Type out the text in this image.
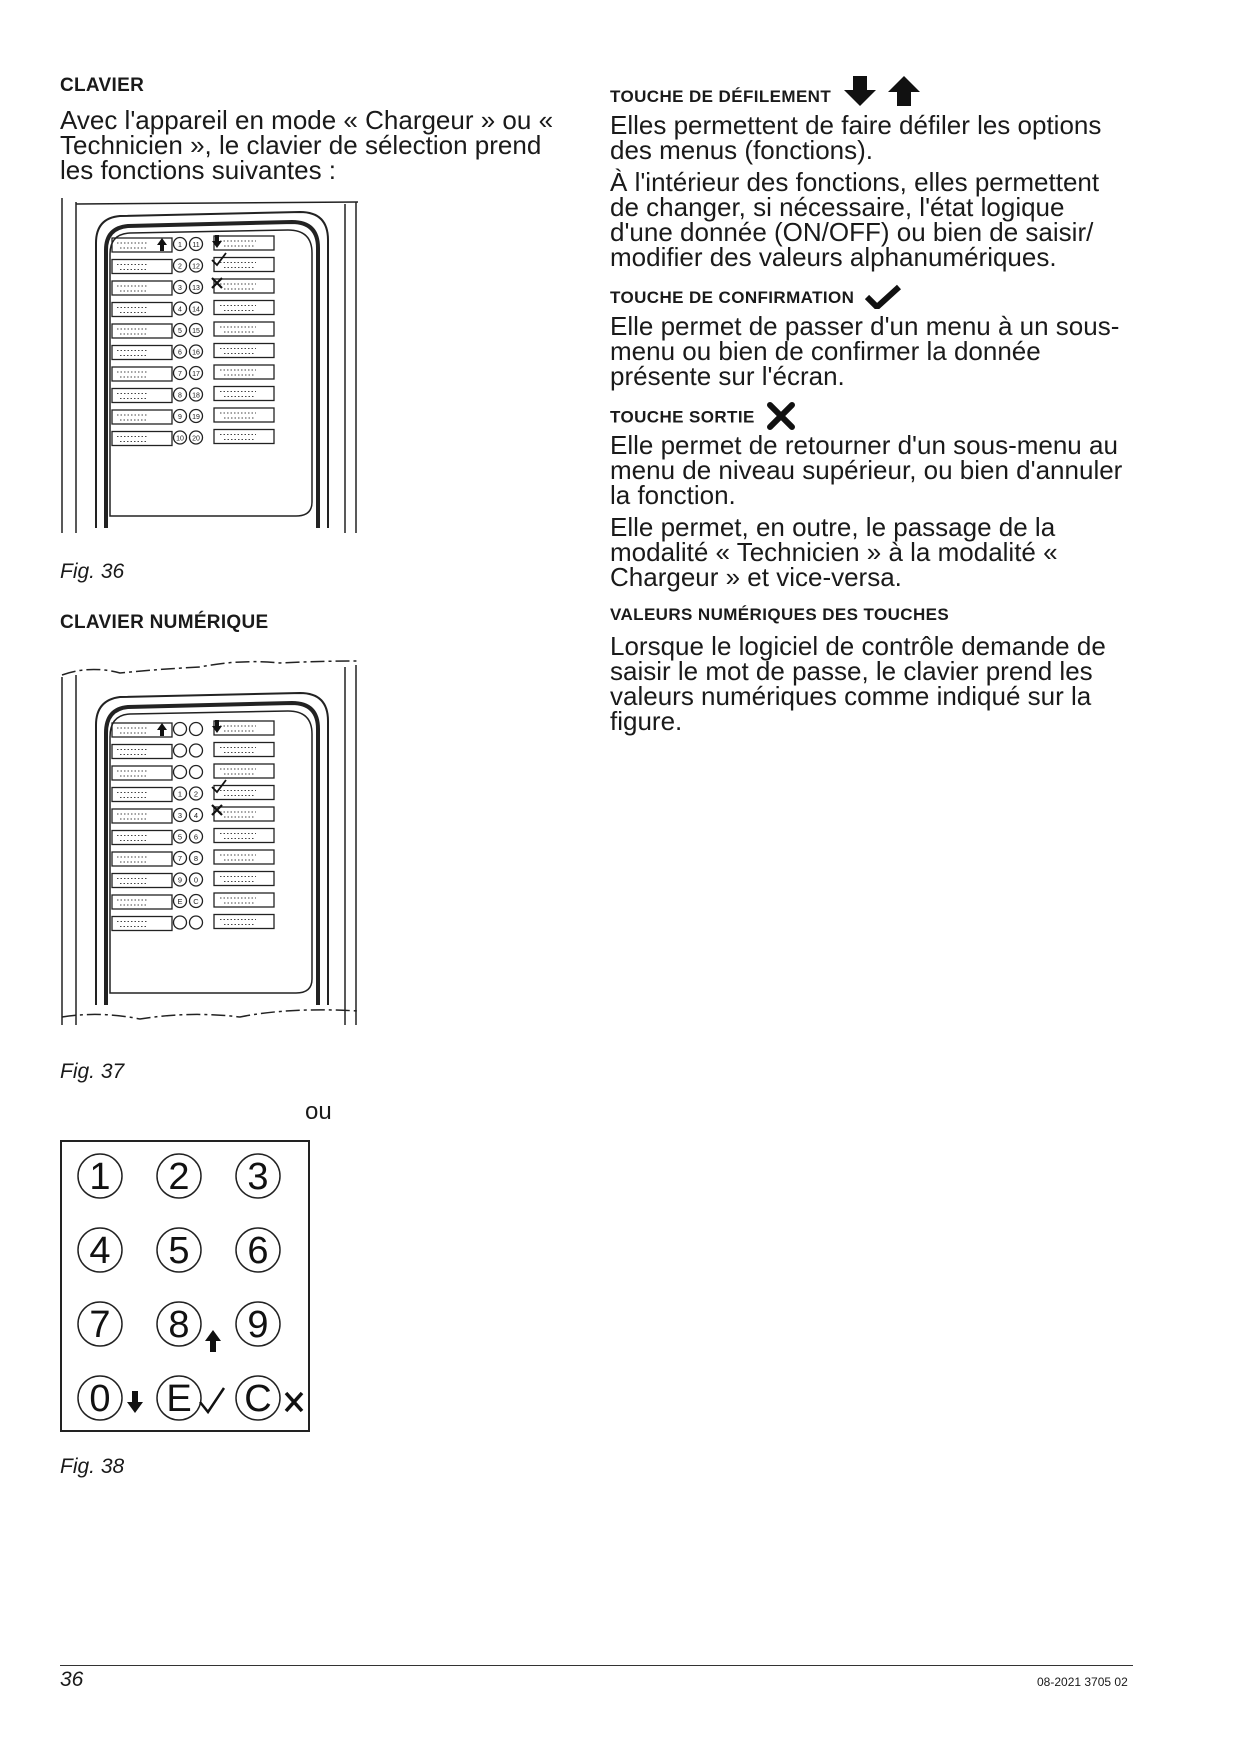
CLAVIER

Avec l'appareil en mode « Chargeur » ou « Technicien », le clavier de sélection prend les fonctions suivantes :

1 11
2 12
3 13
4 14
5 15
6 16
7 17
8 18
9 19
10 20
Fig. 36
CLAVIER NUMÉRIQUE
1 2
3 4
5 6
7 8
9 0
E C
Fig. 37
ou
1 2 3
4 5 6
7 8 9
0 E C
Fig. 38
TOUCHE DE DÉFILEMENT

Elles permettent de faire défiler les options des menus (fonctions).

À l'intérieur des fonctions, elles permettent de changer, si nécessaire, l'état logique d'une donnée (ON/OFF) ou bien de saisir/ modifier des valeurs alphanumériques.

TOUCHE DE CONFIRMATION

Elle permet de passer d'un menu à un sous-menu ou bien de confirmer la donnée présente sur l'écran.

TOUCHE SORTIE

Elle permet de retourner d'un sous-menu au menu de niveau supérieur, ou bien d'annuler la fonction.

Elle permet, en outre, le passage de la modalité « Technicien » à la modalité « Chargeur » et vice-versa.

VALEURS NUMÉRIQUES DES TOUCHES

Lorsque le logiciel de contrôle demande de saisir le mot de passe, le clavier prend les valeurs numériques comme indiqué sur la figure.

36	08-2021 3705 02
